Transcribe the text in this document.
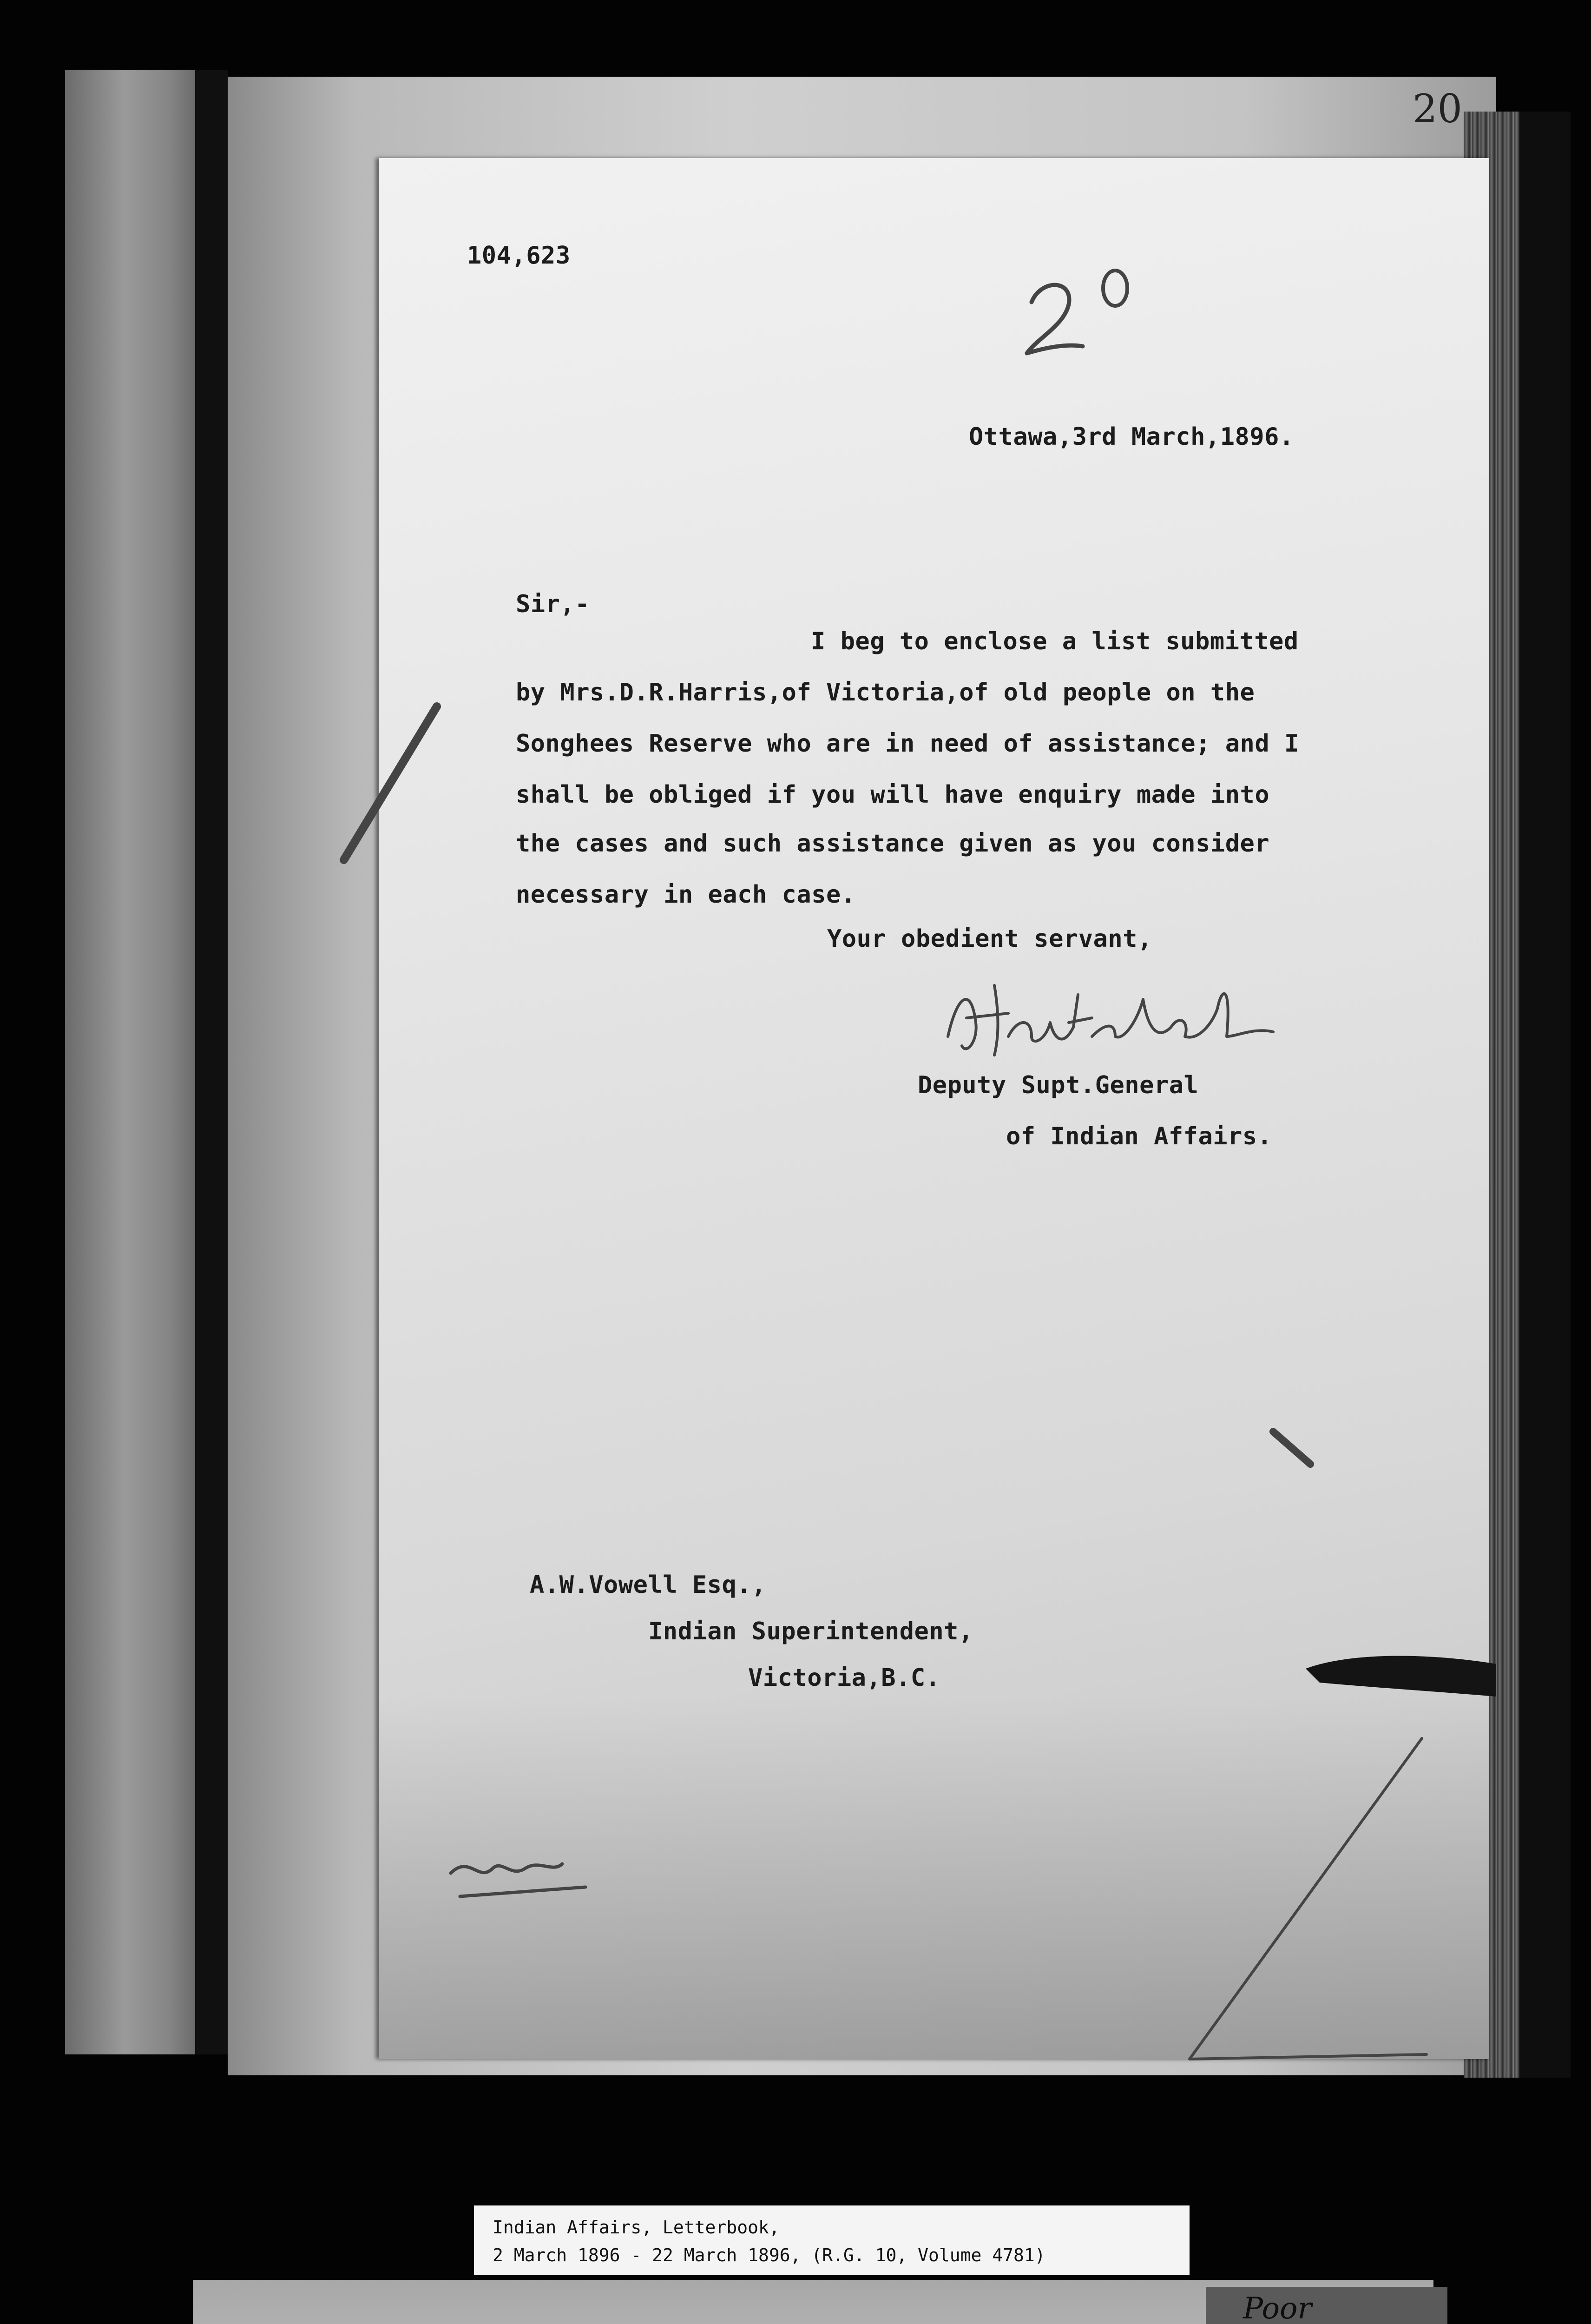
20
104,623
Ottawa,3rd March,1896.
Sir,-
I beg to enclose a list submitted
by Mrs.D.R.Harris,of Victoria,of old people on the
Songhees Reserve who are in need of assistance; and I
shall be obliged if you will have enquiry made into
the cases and such assistance given as you consider
necessary in each case.
Your obedient servant,
Deputy Supt.General
of Indian Affairs.
A.W.Vowell Esq.,
Indian Superintendent,
Victoria,B.C.
Indian Affairs, Letterbook,
2 March 1896 - 22 March 1896, (R.G. 10, Volume 4781)
Poor
